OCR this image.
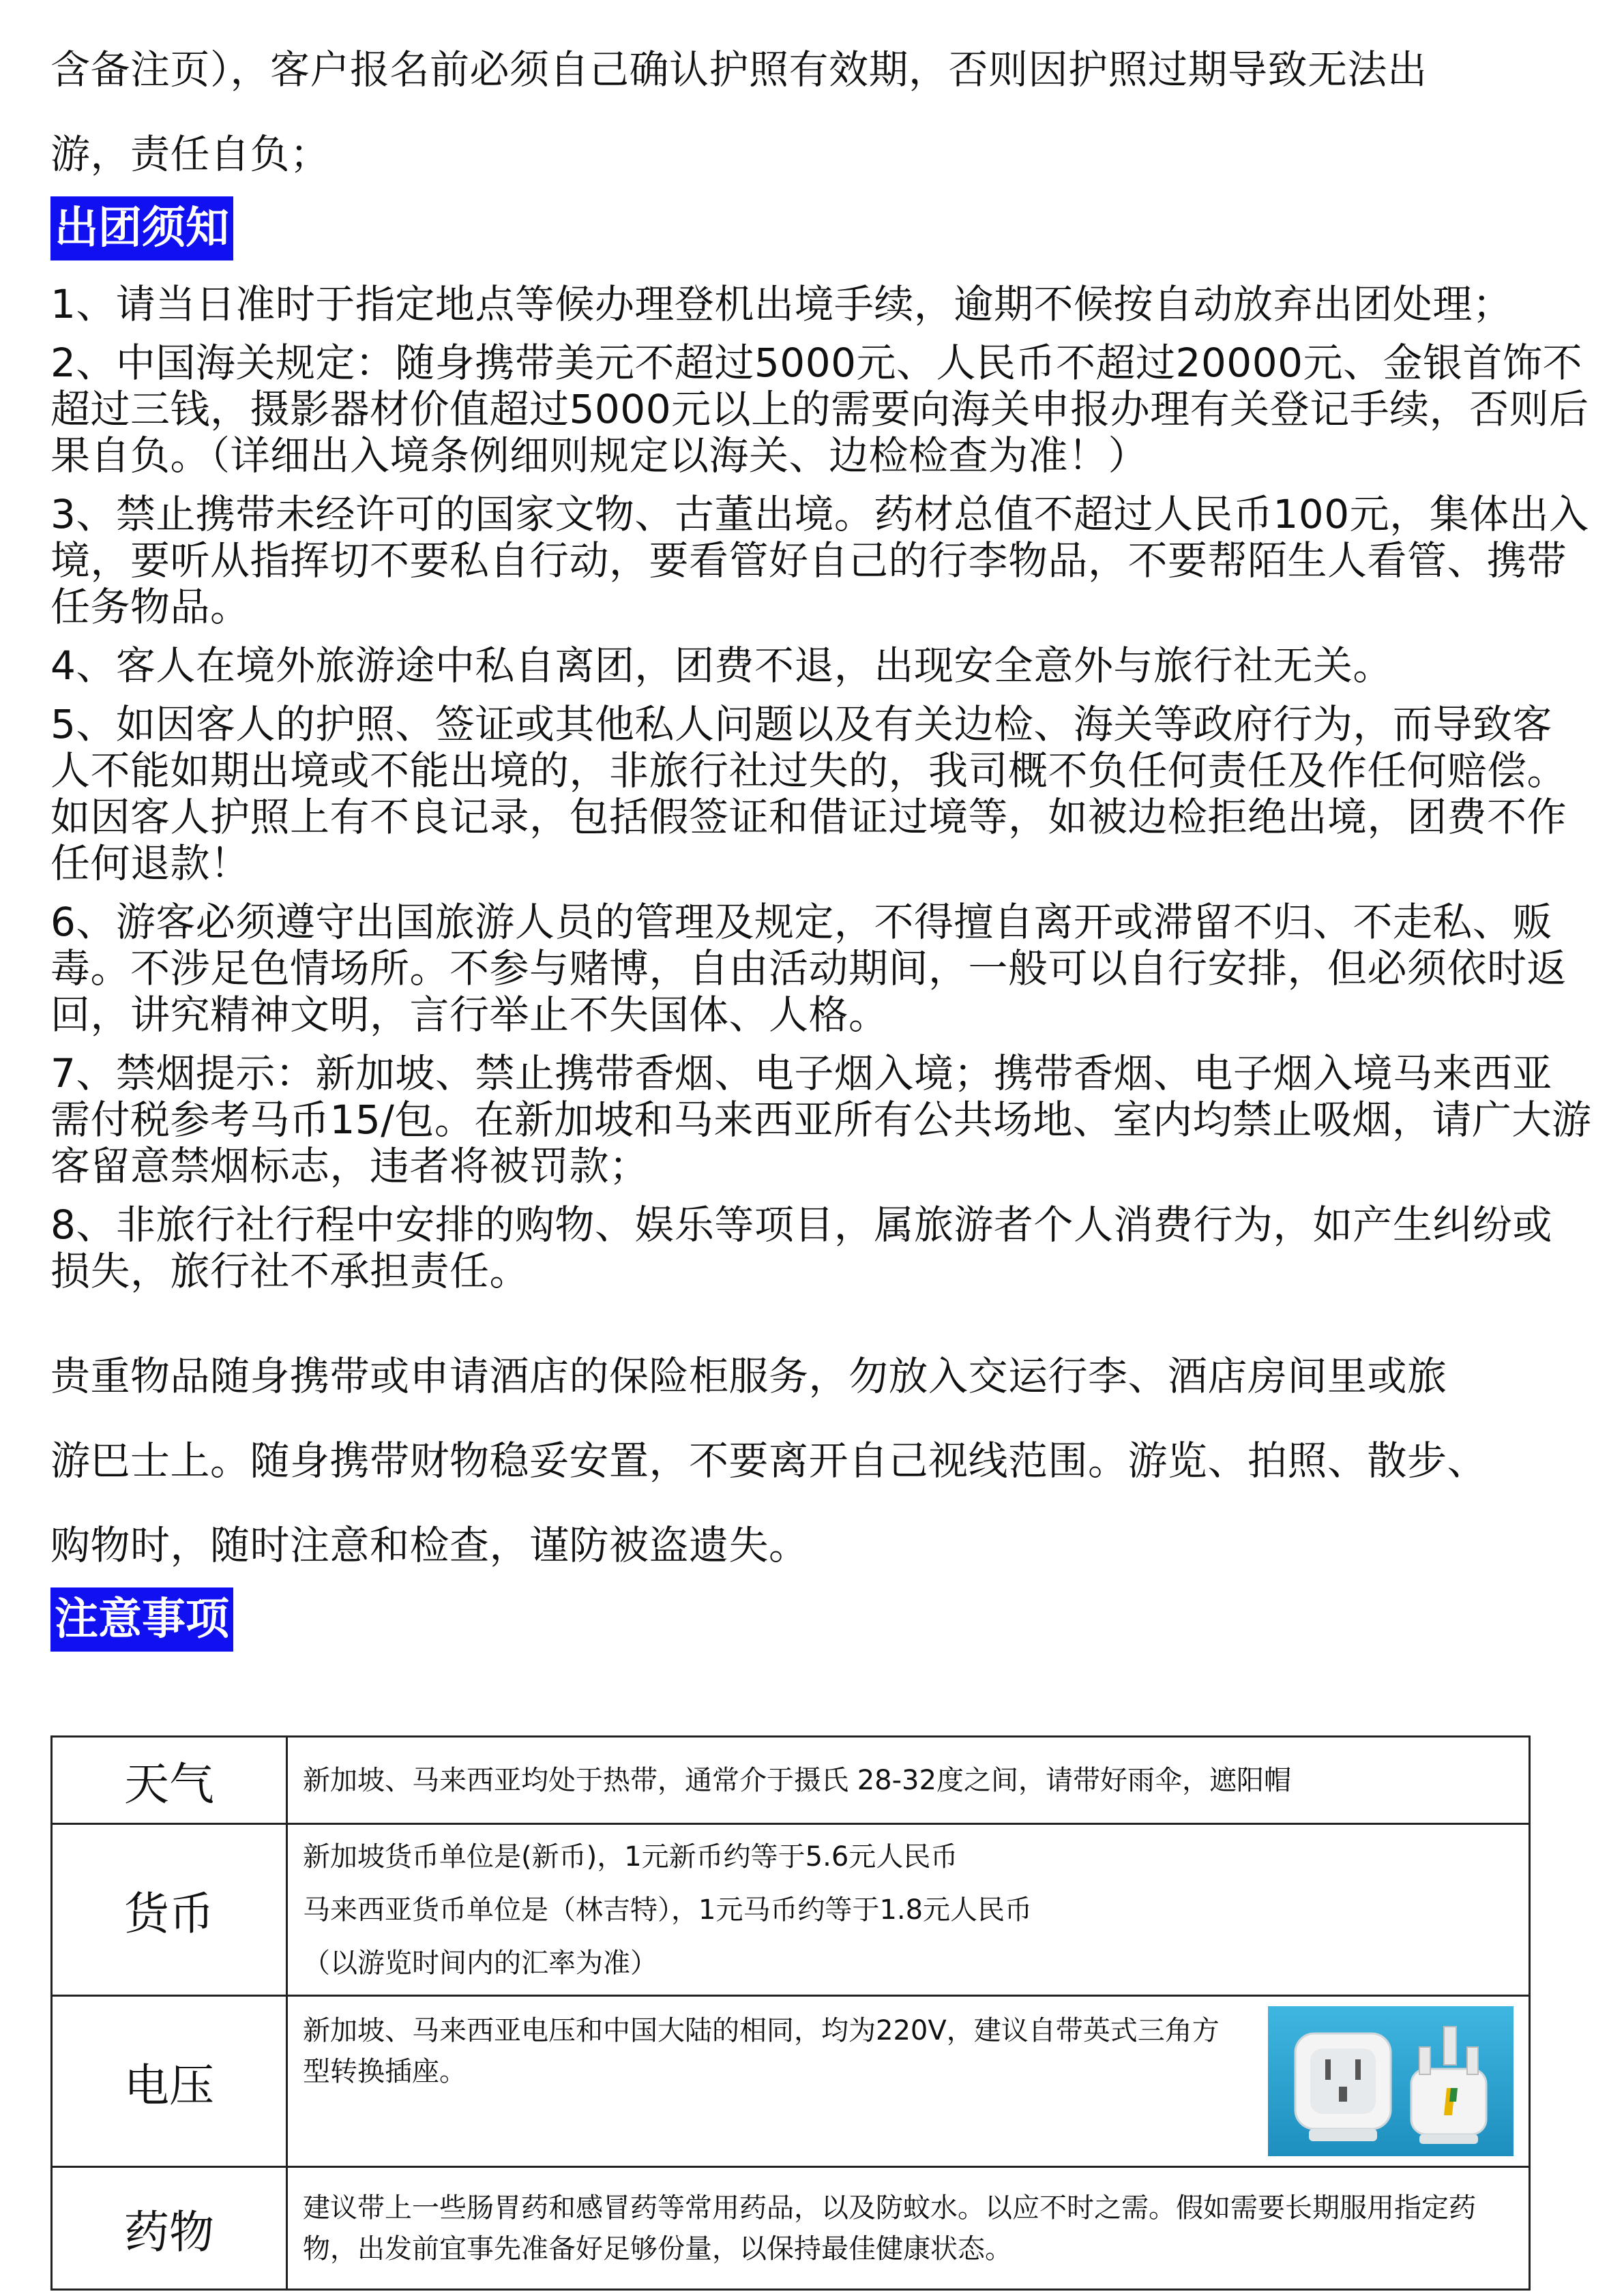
含备注页），客户报名前必须自己确认护照有效期，否则因护照过期导致无法出

游，责任自负；

出团须知

1、请当日准时于指定地点等候办理登机出境手续，逾期不候按自动放弃出团处理；

2、中国海关规定：随身携带美元不超过5000元、人民币不超过20000元、金银首饰不超过三钱，摄影器材价值超过5000元以上的需要向海关申报办理有关登记手续，否则后果自负。（详细出入境条例细则规定以海关、边检检查为准！）

3、禁止携带未经许可的国家文物、古董出境。药材总值不超过人民币100元，集体出入境，要听从指挥切不要私自行动，要看管好自己的行李物品，不要帮陌生人看管、携带任务物品。

4、客人在境外旅游途中私自离团，团费不退，出现安全意外与旅行社无关。

5、如因客人的护照、签证或其他私人问题以及有关边检、海关等政府行为，而导致客人不能如期出境或不能出境的，非旅行社过失的，我司概不负任何责任及作任何赔偿。如因客人护照上有不良记录，包括假签证和借证过境等，如被边检拒绝出境，团费不作任何退款！

6、游客必须遵守出国旅游人员的管理及规定，不得擅自离开或滞留不归、不走私、贩毒。不涉足色情场所。不参与赌博，自由活动期间，一般可以自行安排，但必须依时返回，讲究精神文明，言行举止不失国体、人格。

7、禁烟提示：新加坡、禁止携带香烟、电子烟入境；携带香烟、电子烟入境马来西亚需付税参考马币15/包。在新加坡和马来西亚所有公共场地、室内均禁止吸烟，请广大游客留意禁烟标志，违者将被罚款；

8、非旅行社行程中安排的购物、娱乐等项目，属旅游者个人消费行为，如产生纠纷或损失，旅行社不承担责任。

贵重物品随身携带或申请酒店的保险柜服务，勿放入交运行李、酒店房间里或旅

游巴士上。随身携带财物稳妥安置，不要离开自己视线范围。游览、拍照、散步、

购物时，随时注意和检查，谨防被盗遗失。

注意事项
天气	新加坡、马来西亚均处于热带，通常介于摄氏 28-32度之间，请带好雨伞，遮阳帽
货币	新加坡货币单位是(新币)，1元新币约等于5.6元人民币
马来西亚货币单位是（林吉特），1元马币约等于1.8元人民币
（以游览时间内的汇率为准）

电压	新加坡、马来西亚电压和中国大陆的相同，均为220V，建议自带英式三角方型转换插座。

药物	建议带上一些肠胃药和感冒药等常用药品，以及防蚊水。以应不时之需。假如需要长期服用指定药物，出发前宜事先准备好足够份量，以保持最佳健康状态。
